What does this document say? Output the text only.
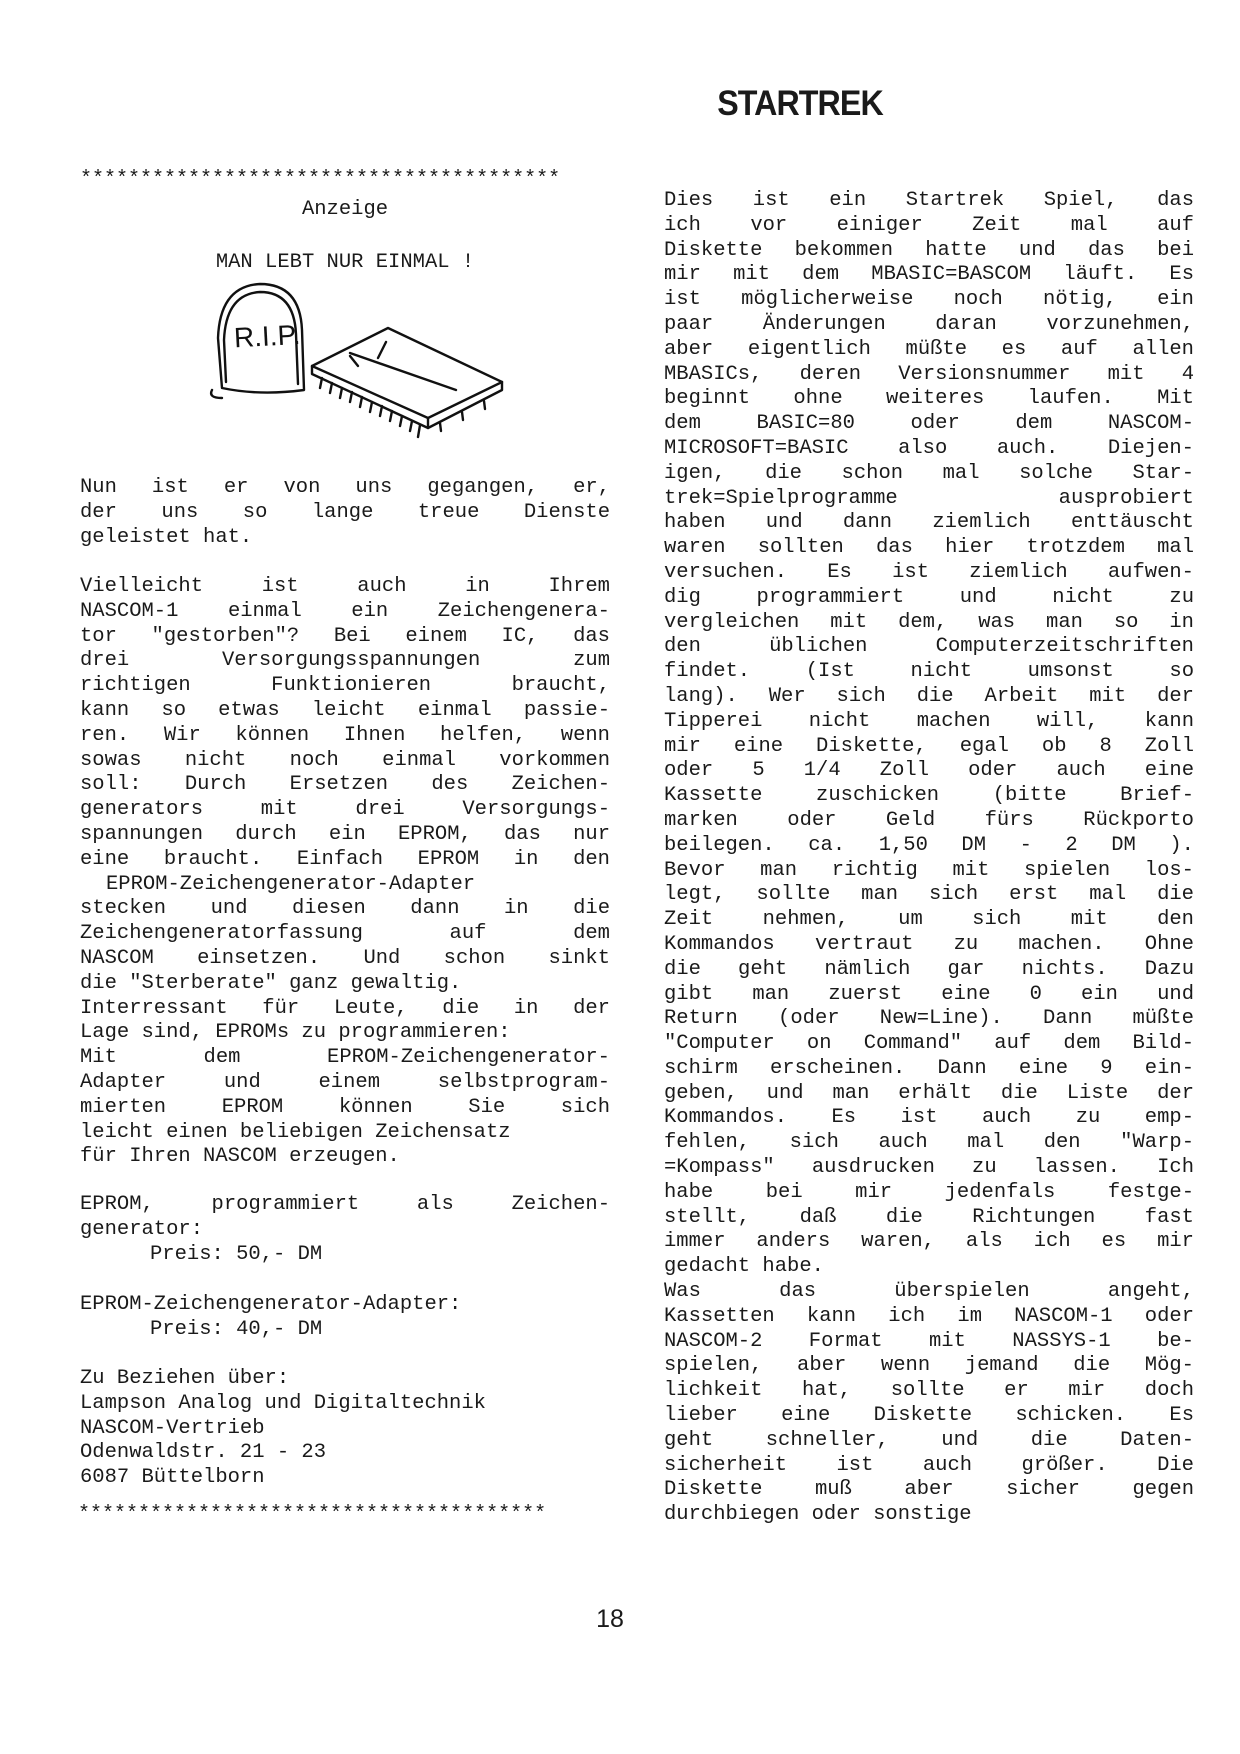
STARTREK
****************************************
Anzeige
MAN LEBT NUR EINMAL !
R.I.P.
Nun ist er von uns gegangen, er,
der uns so lange treue Dienste
geleistet hat.
Vielleicht ist auch in Ihrem
NASCOM-1 einmal ein Zeichengenera-
tor "gestorben"? Bei einem IC, das
drei Versorgungsspannungen zum
richtigen Funktionieren braucht,
kann so etwas leicht einmal passie-
ren. Wir können Ihnen helfen, wenn
sowas nicht noch einmal vorkommen
soll: Durch Ersetzen des Zeichen-
generators mit drei Versorgungs-
spannungen durch ein EPROM, das nur
eine braucht. Einfach EPROM in den
EPROM-Zeichengenerator-Adapter
stecken und diesen dann in die
Zeichengeneratorfassung auf dem
NASCOM einsetzen. Und schon sinkt
die "Sterberate" ganz gewaltig.
Interressant für Leute, die in der
Lage sind, EPROMs zu programmieren:
Mit dem EPROM-Zeichengenerator-
Adapter und einem selbstprogram-
mierten EPROM können Sie sich
leicht einen beliebigen Zeichensatz
für Ihren NASCOM erzeugen.
EPROM, programmiert als Zeichen-
generator:
Preis: 50,- DM
EPROM-Zeichengenerator-Adapter:
Preis: 40,- DM
Zu Beziehen über:
Lampson Analog und Digitaltechnik
NASCOM-Vertrieb
Odenwaldstr. 21 - 23
6087 Büttelborn
***************************************
Dies ist ein Startrek Spiel, das
ich vor einiger Zeit mal auf
Diskette bekommen hatte und das bei
mir mit dem MBASIC=BASCOM läuft. Es
ist möglicherweise noch nötig, ein
paar Änderungen daran vorzunehmen,
aber eigentlich müßte es auf allen
MBASICs, deren Versionsnummer mit 4
beginnt ohne weiteres laufen. Mit
dem BASIC=80 oder dem NASCOM-
MICROSOFT=BASIC also auch. Diejen-
igen, die schon mal solche Star-
trek=Spielprogramme ausprobiert
haben und dann ziemlich enttäuscht
waren sollten das hier trotzdem mal
versuchen. Es ist ziemlich aufwen-
dig programmiert und nicht zu
vergleichen mit dem, was man so in
den üblichen Computerzeitschriften
findet. (Ist nicht umsonst so
lang). Wer sich die Arbeit mit der
Tipperei nicht machen will, kann
mir eine Diskette, egal ob 8 Zoll
oder 5 1/4 Zoll oder auch eine
Kassette zuschicken (bitte Brief-
marken oder Geld fürs Rückporto
beilegen. ca. 1,50 DM - 2 DM ).
Bevor man richtig mit spielen los-
legt, sollte man sich erst mal die
Zeit nehmen, um sich mit den
Kommandos vertraut zu machen. Ohne
die geht nämlich gar nichts. Dazu
gibt man zuerst eine 0 ein und
Return (oder New=Line). Dann müßte
"Computer on Command" auf dem Bild-
schirm erscheinen. Dann eine 9 ein-
geben, und man erhält die Liste der
Kommandos. Es ist auch zu emp-
fehlen, sich auch mal den "Warp-
=Kompass" ausdrucken zu lassen. Ich
habe bei mir jedenfals festge-
stellt, daß die Richtungen fast
immer anders waren, als ich es mir
gedacht habe.
Was das überspielen angeht,
Kassetten kann ich im NASCOM-1 oder
NASCOM-2 Format mit NASSYS-1 be-
spielen, aber wenn jemand die Mög-
lichkeit hat, sollte er mir doch
lieber eine Diskette schicken. Es
geht schneller, und die Daten-
sicherheit ist auch größer. Die
Diskette muß aber sicher gegen
durchbiegen oder sonstige
18
